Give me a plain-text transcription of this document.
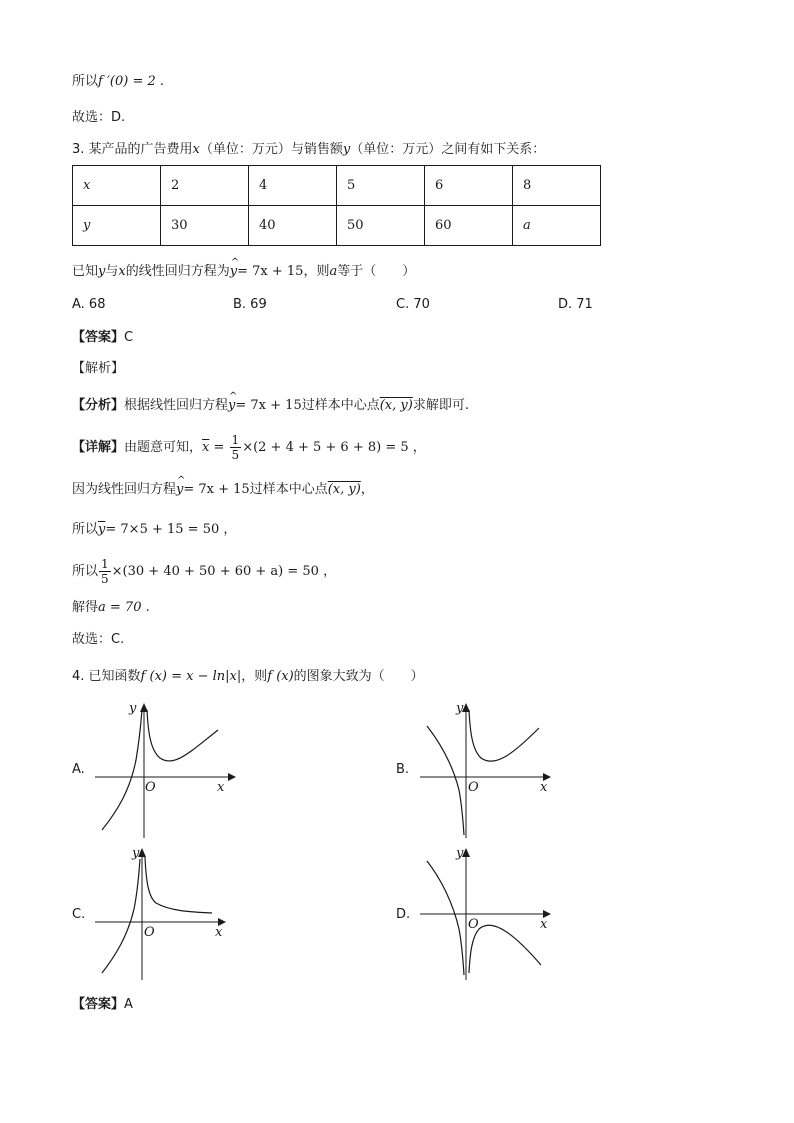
所以f ′(0) = 2 .
故选：D.
3. 某产品的广告费用x（单位：万元）与销售额y（单位：万元）之间有如下关系：
x	2	4	5	6	8
y	30	40	50	60	a
已知y与x的线性回归方程为^ y= 7x + 15，则a等于（　　）
A. 68	B. 69	C. 70	D. 71
【答案】C
【解析】
【分析】根据线性回归方程^ y= 7x + 15过样本中心点(x, y)求解即可.
【详解】由题意可知，$\overline{x} = \frac{1}{5} \times(2 + 4 + 5 + 6 + 8) = 5$ ，
因为线性回归方程^ y= 7x + 15过样本中心点(x, y)，
所以$\overline{y}= 7\times 5 + 15 = 50$ ，
所以 $\frac{1}{5} \times(30 + 40 + 50 + 60 + a) = 50$ ，
解得a = 70 .
故选：C.
4. 已知函数f (x) = x − ln|x|，则f (x)的图象大致为（　　）
A.	B.
C.	D.
y
x
O
y
x
O
y
x
O
y
x
O
【答案】A
